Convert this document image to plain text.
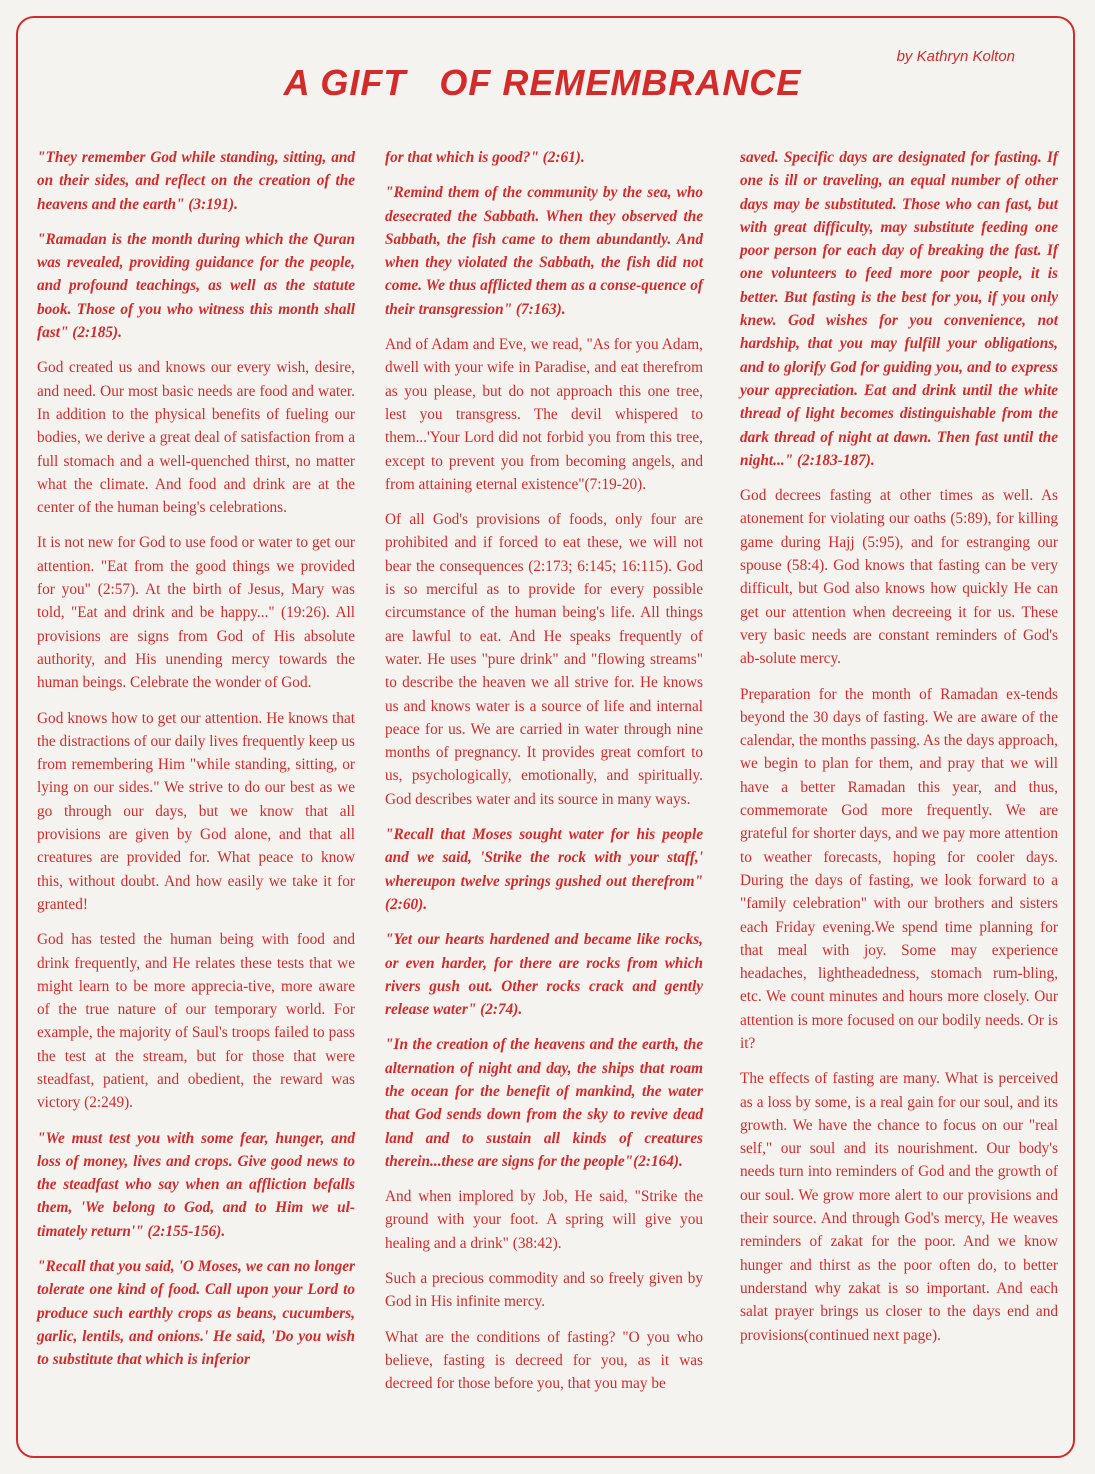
by Kathryn Kolton
A GIFT   OF REMEMBRANCE

"They remember God while standing, sitting, and on their sides, and reflect on the creation of the heavens and the earth" (3:191).

"Ramadan is the month during which the Quran was revealed, providing guidance for the people, and profound teachings, as well as the statute book. Those of you who witness this month shall fast" (2:185).

God created us and knows our every wish, desire, and need. Our most basic needs are food and water. In addition to the physical benefits of fueling our bodies, we derive a great deal of satisfaction from a full stomach and a well-quenched thirst, no matter what the climate. And food and drink are at the center of the human being's celebrations.

It is not new for God to use food or water to get our attention. "Eat from the good things we provided for you" (2:57). At the birth of Jesus, Mary was told, "Eat and drink and be happy..." (19:26). All provisions are signs from God of His absolute authority, and His unending mercy towards the human beings. Celebrate the wonder of God.

God knows how to get our attention. He knows that the distractions of our daily lives frequently keep us from remembering Him "while standing, sitting, or lying on our sides." We strive to do our best as we go through our days, but we know that all provisions are given by God alone, and that all creatures are provided for. What peace to know this, without doubt. And how easily we take it for granted!

God has tested the human being with food and drink frequently, and He relates these tests that we might learn to be more apprecia-tive, more aware of the true nature of our temporary world. For example, the majority of Saul's troops failed to pass the test at the stream, but for those that were steadfast, patient, and obedient, the reward was victory (2:249).

"We must test you with some fear, hunger, and loss of money, lives and crops. Give good news to the steadfast who say when an affliction befalls them, 'We belong to God, and to Him we ul-timately return'" (2:155-156).

"Recall that you said, 'O Moses, we can no longer tolerate one kind of food. Call upon your Lord to produce such earthly crops as beans, cucumbers, garlic, lentils, and onions.' He said, 'Do you wish to substitute that which is inferior

for that which is good?" (2:61).

"Remind them of the community by the sea, who desecrated the Sabbath. When they observed the Sabbath, the fish came to them abundantly. And when they violated the Sabbath, the fish did not come. We thus afflicted them as a conse-quence of their transgression" (7:163).

And of Adam and Eve, we read, "As for you Adam, dwell with your wife in Paradise, and eat therefrom as you please, but do not approach this one tree, lest you transgress. The devil whispered to them...'Your Lord did not forbid you from this tree, except to prevent you from becoming angels, and from attaining eternal existence"(7:19-20).

Of all God's provisions of foods, only four are prohibited and if forced to eat these, we will not bear the consequences (2:173; 6:145; 16:115). God is so merciful as to provide for every possible circumstance of the human being's life. All things are lawful to eat. And He speaks frequently of water. He uses "pure drink" and "flowing streams" to describe the heaven we all strive for. He knows us and knows water is a source of life and internal peace for us. We are carried in water through nine months of pregnancy. It provides great comfort to us, psychologically, emotionally, and spiritually. God describes water and its source in many ways.

"Recall that Moses sought water for his people and we said, 'Strike the rock with your staff,' whereupon twelve springs gushed out therefrom" (2:60).

"Yet our hearts hardened and became like rocks, or even harder, for there are rocks from which rivers gush out. Other rocks crack and gently release water" (2:74).

"In the creation of the heavens and the earth, the alternation of night and day, the ships that roam the ocean for the benefit of mankind, the water that God sends down from the sky to revive dead land and to sustain all kinds of creatures therein...these are signs for the people"(2:164).

And when implored by Job, He said, "Strike the ground with your foot. A spring will give you healing and a drink" (38:42).

Such a precious commodity and so freely given by God in His infinite mercy.

What are the conditions of fasting? "O you who believe, fasting is decreed for you, as it was decreed for those before you, that you may be

saved. Specific days are designated for fasting. If one is ill or traveling, an equal number of other days may be substituted. Those who can fast, but with great difficulty, may substitute feeding one poor person for each day of breaking the fast. If one volunteers to feed more poor people, it is better. But fasting is the best for you, if you only knew. God wishes for you convenience, not hardship, that you may fulfill your obligations, and to glorify God for guiding you, and to express your appreciation. Eat and drink until the white thread of light becomes distinguishable from the dark thread of night at dawn. Then fast until the night..." (2:183-187).

God decrees fasting at other times as well. As atonement for violating our oaths (5:89), for killing game during Hajj (5:95), and for estranging our spouse (58:4). God knows that fasting can be very difficult, but God also knows how quickly He can get our attention when decreeing it for us. These very basic needs are constant reminders of God's ab-solute mercy.

Preparation for the month of Ramadan ex-tends beyond the 30 days of fasting. We are aware of the calendar, the months passing. As the days approach, we begin to plan for them, and pray that we will have a better Ramadan this year, and thus, commemorate God more frequently. We are grateful for shorter days, and we pay more attention to weather forecasts, hoping for cooler days. During the days of fasting, we look forward to a "family celebration" with our brothers and sisters each Friday evening.We spend time planning for that meal with joy. Some may experience headaches, lightheadedness, stomach rum-bling, etc. We count minutes and hours more closely. Our attention is more focused on our bodily needs. Or is it?

The effects of fasting are many. What is perceived as a loss by some, is a real gain for our soul, and its growth. We have the chance to focus on our "real self," our soul and its nourishment. Our body's needs turn into reminders of God and the growth of our soul. We grow more alert to our provisions and their source. And through God's mercy, He weaves reminders of zakat for the poor. And we know hunger and thirst as the poor often do, to better understand why zakat is so important. And each salat prayer brings us closer to the days end and provisions(continued next page).
